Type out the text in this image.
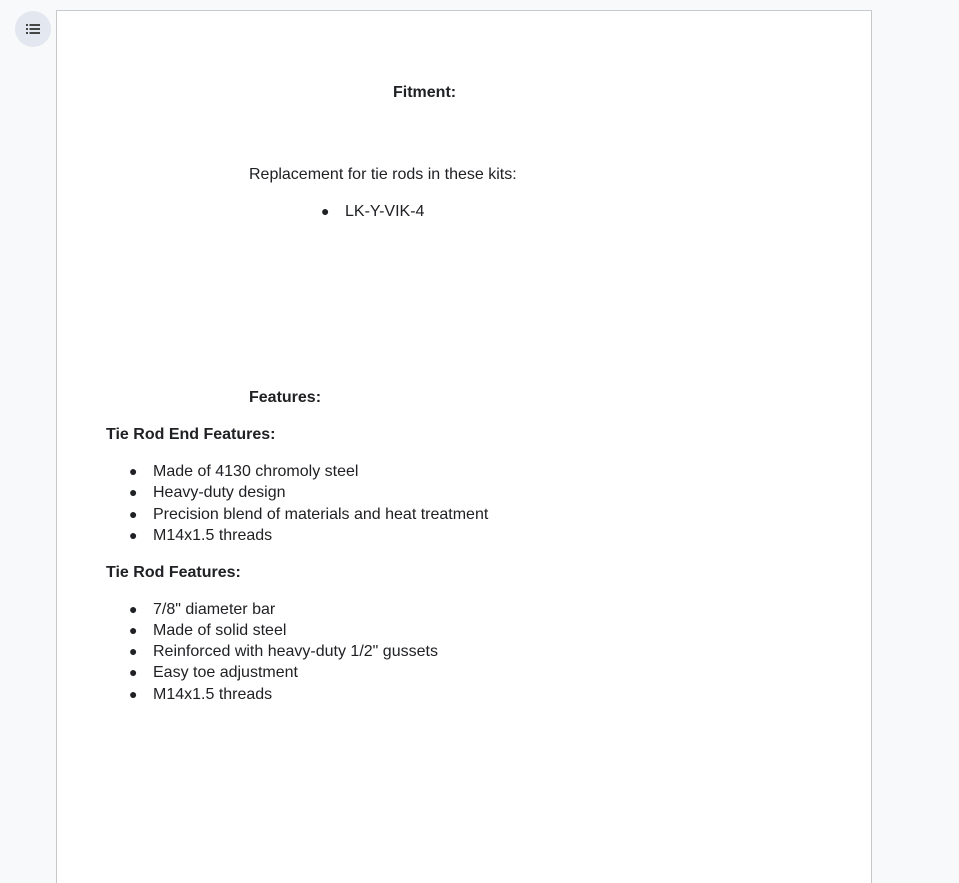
Fitment:
Replacement for tie rods in these kits:
● LK-Y-VIK-4
Features:
Tie Rod End Features:
● Made of 4130 chromoly steel
● Heavy-duty design
● Precision blend of materials and heat treatment
● M14x1.5 threads
Tie Rod Features:
● 7/8" diameter bar
● Made of solid steel
● Reinforced with heavy-duty 1/2" gussets
● Easy toe adjustment
● M14x1.5 threads
